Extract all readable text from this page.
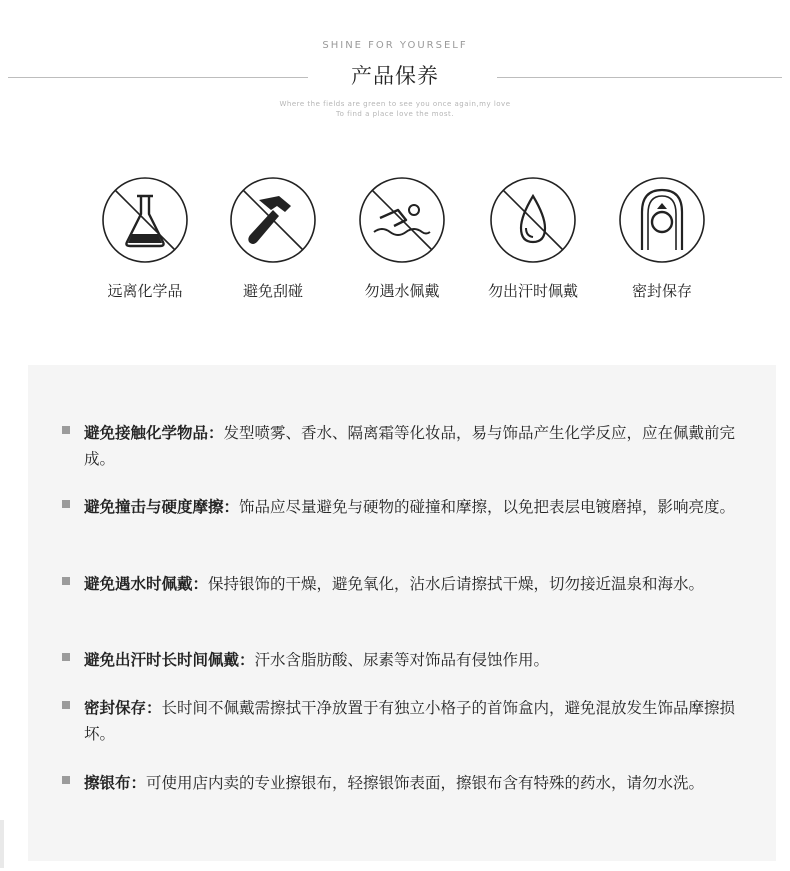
SHINE FOR YOURSELF
产品保养
Where the fields are green to see you once again,my love
To find a place love the most.
远离化学品	避免刮碰	勿遇水佩戴	勿出汗时佩戴	密封保存
避免接触化学物品：发型喷雾、香水、隔离霜等化妆品，易与饰品产生化学反应，应在佩戴前完成。
避免撞击与硬度摩擦：饰品应尽量避免与硬物的碰撞和摩擦，以免把表层电镀磨掉，影响亮度。
避免遇水时佩戴：保持银饰的干燥，避免氧化，沾水后请擦拭干燥，切勿接近温泉和海水。
避免出汗时长时间佩戴：汗水含脂肪酸、尿素等对饰品有侵蚀作用。
密封保存：长时间不佩戴需擦拭干净放置于有独立小格子的首饰盒内，避免混放发生饰品摩擦损坏。
擦银布：可使用店内卖的专业擦银布，轻擦银饰表面，擦银布含有特殊的药水，请勿水洗。
